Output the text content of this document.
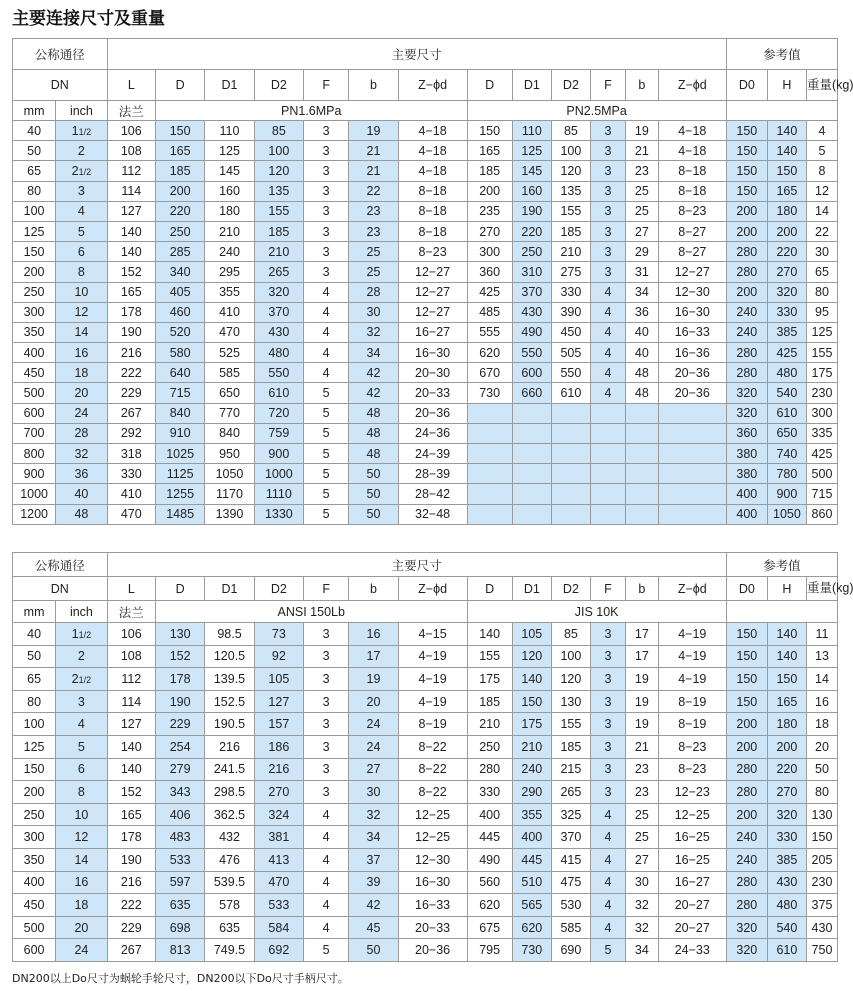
主要连接尺寸及重量
公称通径		主要尺寸													参考值		
DN		L	D	D1	D2	F	b	Z−ϕd	D	D1	D2	F	b	Z−ϕd	D0	H	重量(kg)
mm	inch	法兰	PN1.6MPa						PN2.5MPa								
40	11/2	106	150	110	85	3	19	4−18	150	110	85	3	19	4−18	150	140	4
50	2	108	165	125	100	3	21	4−18	165	125	100	3	21	4−18	150	140	5
65	21/2	112	185	145	120	3	21	4−18	185	145	120	3	23	8−18	150	150	8
80	3	114	200	160	135	3	22	8−18	200	160	135	3	25	8−18	150	165	12
100	4	127	220	180	155	3	23	8−18	235	190	155	3	25	8−23	200	180	14
125	5	140	250	210	185	3	23	8−18	270	220	185	3	27	8−27	200	200	22
150	6	140	285	240	210	3	25	8−23	300	250	210	3	29	8−27	280	220	30
200	8	152	340	295	265	3	25	12−27	360	310	275	3	31	12−27	280	270	65
250	10	165	405	355	320	4	28	12−27	425	370	330	4	34	12−30	200	320	80
300	12	178	460	410	370	4	30	12−27	485	430	390	4	36	16−30	240	330	95
350	14	190	520	470	430	4	32	16−27	555	490	450	4	40	16−33	240	385	125
400	16	216	580	525	480	4	34	16−30	620	550	505	4	40	16−36	280	425	155
450	18	222	640	585	550	4	42	20−30	670	600	550	4	48	20−36	280	480	175
500	20	229	715	650	610	5	42	20−33	730	660	610	4	48	20−36	320	540	230
600	24	267	840	770	720	5	48	20−36							320	610	300
700	28	292	910	840	759	5	48	24−36							360	650	335
800	32	318	1025	950	900	5	48	24−39							380	740	425
900	36	330	1125	1050	1000	5	50	28−39							380	780	500
1000	40	410	1255	1170	1110	5	50	28−42							400	900	715
1200	48	470	1485	1390	1330	5	50	32−48							400	1050	860
公称通径		主要尺寸													参考值		
DN		L	D	D1	D2	F	b	Z−ϕd	D	D1	D2	F	b	Z−ϕd	D0	H	重量(kg)
mm	inch	法兰	ANSI 150Lb						JIS 10K								
40	11/2	106	130	98.5	73	3	16	4−15	140	105	85	3	17	4−19	150	140	11
50	2	108	152	120.5	92	3	17	4−19	155	120	100	3	17	4−19	150	140	13
65	21/2	112	178	139.5	105	3	19	4−19	175	140	120	3	19	4−19	150	150	14
80	3	114	190	152.5	127	3	20	4−19	185	150	130	3	19	8−19	150	165	16
100	4	127	229	190.5	157	3	24	8−19	210	175	155	3	19	8−19	200	180	18
125	5	140	254	216	186	3	24	8−22	250	210	185	3	21	8−23	200	200	20
150	6	140	279	241.5	216	3	27	8−22	280	240	215	3	23	8−23	280	220	50
200	8	152	343	298.5	270	3	30	8−22	330	290	265	3	23	12−23	280	270	80
250	10	165	406	362.5	324	4	32	12−25	400	355	325	4	25	12−25	200	320	130
300	12	178	483	432	381	4	34	12−25	445	400	370	4	25	16−25	240	330	150
350	14	190	533	476	413	4	37	12−30	490	445	415	4	27	16−25	240	385	205
400	16	216	597	539.5	470	4	39	16−30	560	510	475	4	30	16−27	280	430	230
450	18	222	635	578	533	4	42	16−33	620	565	530	4	32	20−27	280	480	375
500	20	229	698	635	584	4	45	20−33	675	620	585	4	32	20−27	320	540	430
600	24	267	813	749.5	692	5	50	20−36	795	730	690	5	34	24−33	320	610	750
DN200以上Do尺寸为蜗轮手轮尺寸，DN200以下Do尺寸手柄尺寸。
